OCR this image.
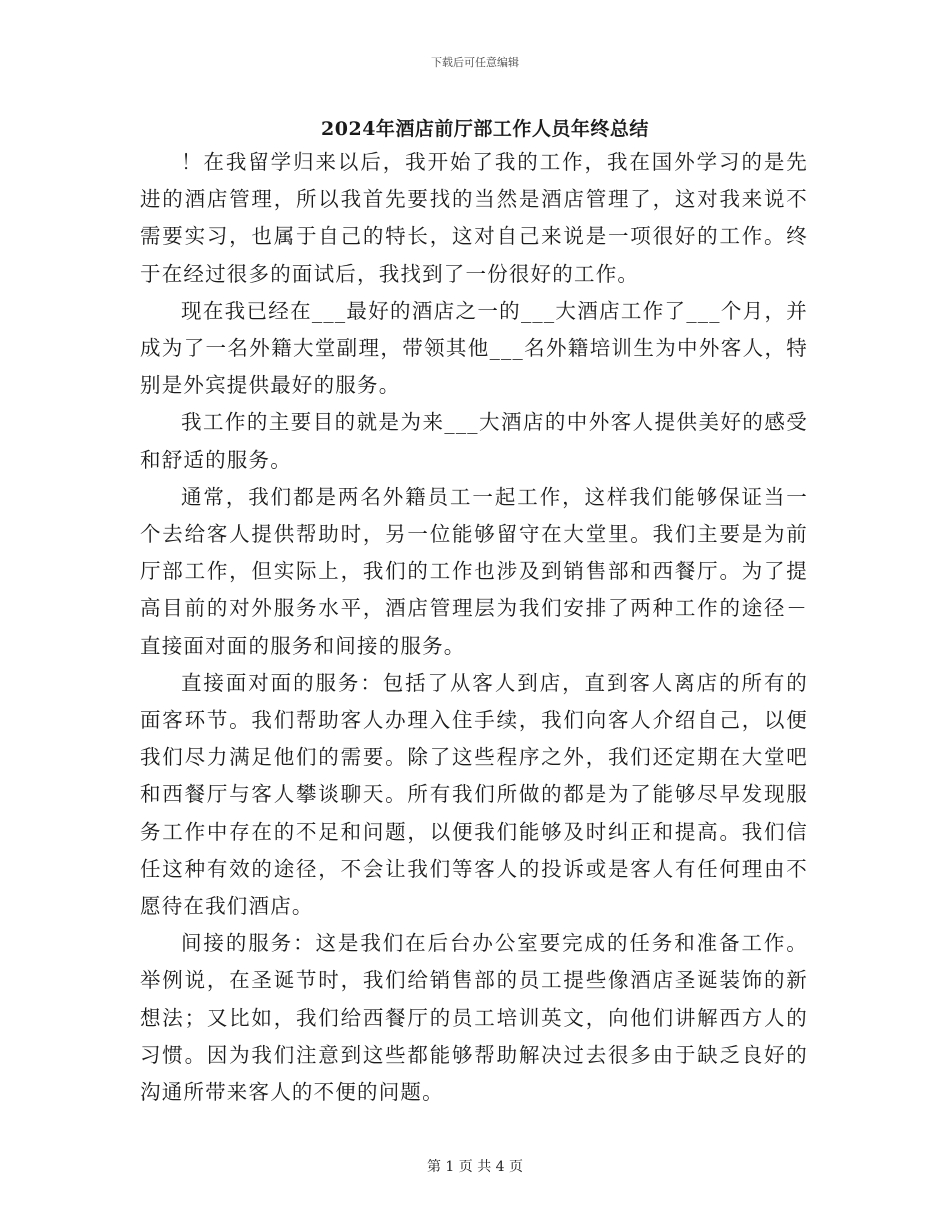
下载后可任意编辑
2024年酒店前厅部工作人员年终总结

！在我留学归来以后，我开始了我的工作，我在国外学习的是先进的酒店管理，所以我首先要找的当然是酒店管理了，这对我来说不需要实习，也属于自己的特长，这对自己来说是一项很好的工作。终于在经过很多的面试后，我找到了一份很好的工作。

现在我已经在___最好的酒店之一的___大酒店工作了___个月，并成为了一名外籍大堂副理，带领其他___名外籍培训生为中外客人，特别是外宾提供最好的服务。

我工作的主要目的就是为来___大酒店的中外客人提供美好的感受和舒适的服务。

通常，我们都是两名外籍员工一起工作，这样我们能够保证当一个去给客人提供帮助时，另一位能够留守在大堂里。我们主要是为前厅部工作，但实际上，我们的工作也涉及到销售部和西餐厅。为了提高目前的对外服务水平，酒店管理层为我们安排了两种工作的途径－直接面对面的服务和间接的服务。

直接面对面的服务：包括了从客人到店，直到客人离店的所有的面客环节。我们帮助客人办理入住手续，我们向客人介绍自己，以便我们尽力满足他们的需要。除了这些程序之外，我们还定期在大堂吧和西餐厅与客人攀谈聊天。所有我们所做的都是为了能够尽早发现服务工作中存在的不足和问题，以便我们能够及时纠正和提高。我们信任这种有效的途径，不会让我们等客人的投诉或是客人有任何理由不愿待在我们酒店。

间接的服务：这是我们在后台办公室要完成的任务和准备工作。举例说，在圣诞节时，我们给销售部的员工提些像酒店圣诞装饰的新想法；又比如，我们给西餐厅的员工培训英文，向他们讲解西方人的习惯。因为我们注意到这些都能够帮助解决过去很多由于缺乏良好的沟通所带来客人的不便的问题。

第 1 页 共 4 页
